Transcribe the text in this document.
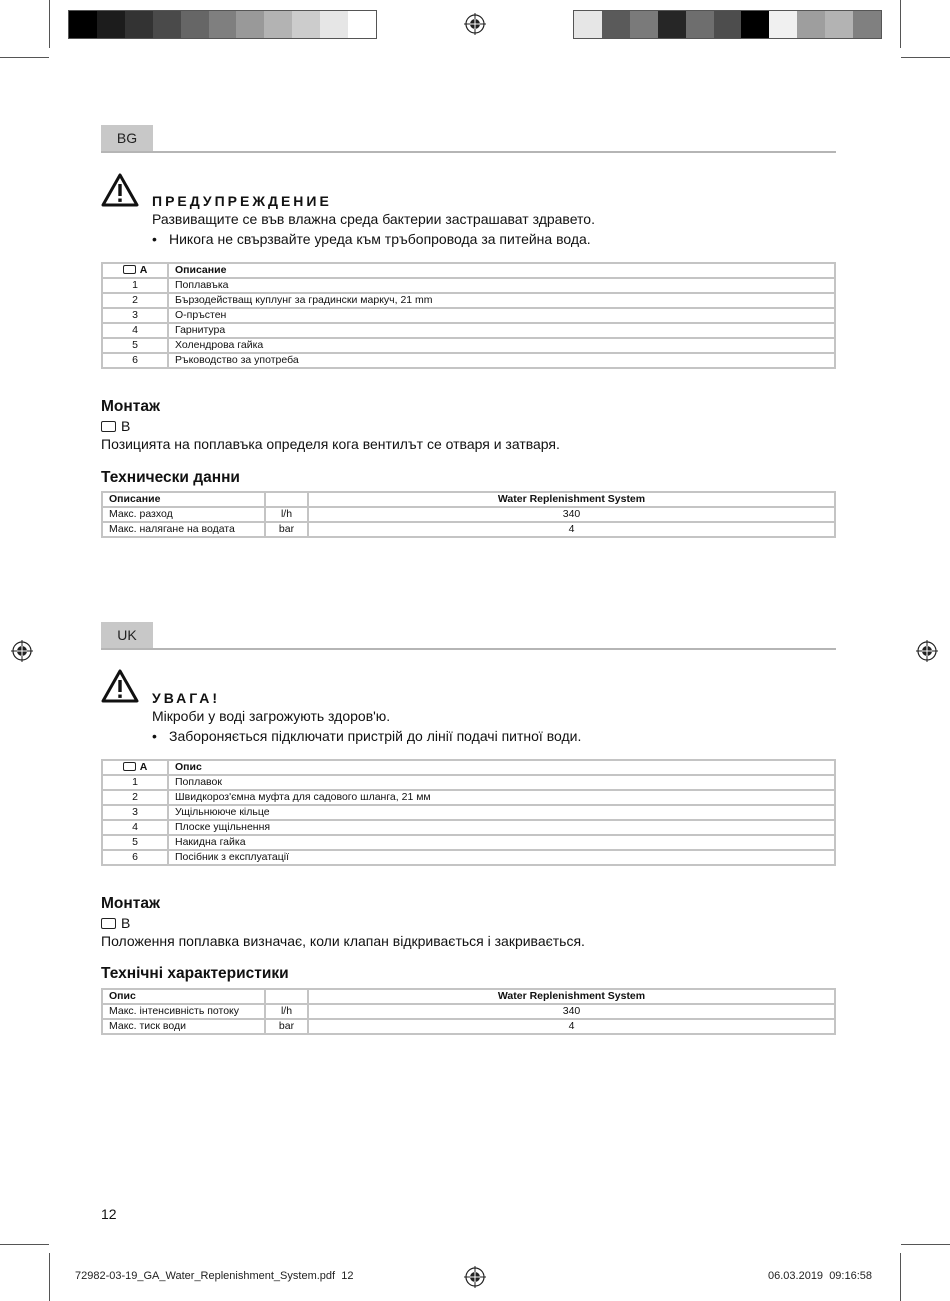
BG
ПРЕДУПРЕЖДЕНИЕ
Развиващите се във влажна среда бактерии застрашават здравето.
• Никога не свързвайте уреда към тръбопровода за питейна вода.
A	Описание
1	Поплавъка
2	Бързодействащ куплунг за градински маркуч, 21 mm
3	О-пръстен
4	Гарнитура
5	Холендрова гайка
6	Ръководство за употреба
Монтаж
B
Позицията на поплавъка определя кога вентилът се отваря и затваря.
Технически данни
Описание		Water Replenishment System
Макс. разход	l/h	340
Макс. налягане на водата	bar	4
UK
УВАГА!
Мікроби у воді загрожують здоров'ю.
• Забороняється підключати пристрій до лінії подачі питної води.
A	Опис
1	Поплавок
2	Швидкороз'ємна муфта для садового шланга, 21 мм
3	Ущільнююче кільце
4	Плоске ущільнення
5	Накидна гайка
6	Посібник з експлуатації
Монтаж
B
Положення поплавка визначає, коли клапан відкривається і закривається.
Технічні характеристики
Опис		Water Replenishment System
Макс. інтенсивність потоку	l/h	340
Макс. тиск води	bar	4
12
72982-03-19_GA_Water_Replenishment_System.pdf 12	06.03.2019 09:16:58
